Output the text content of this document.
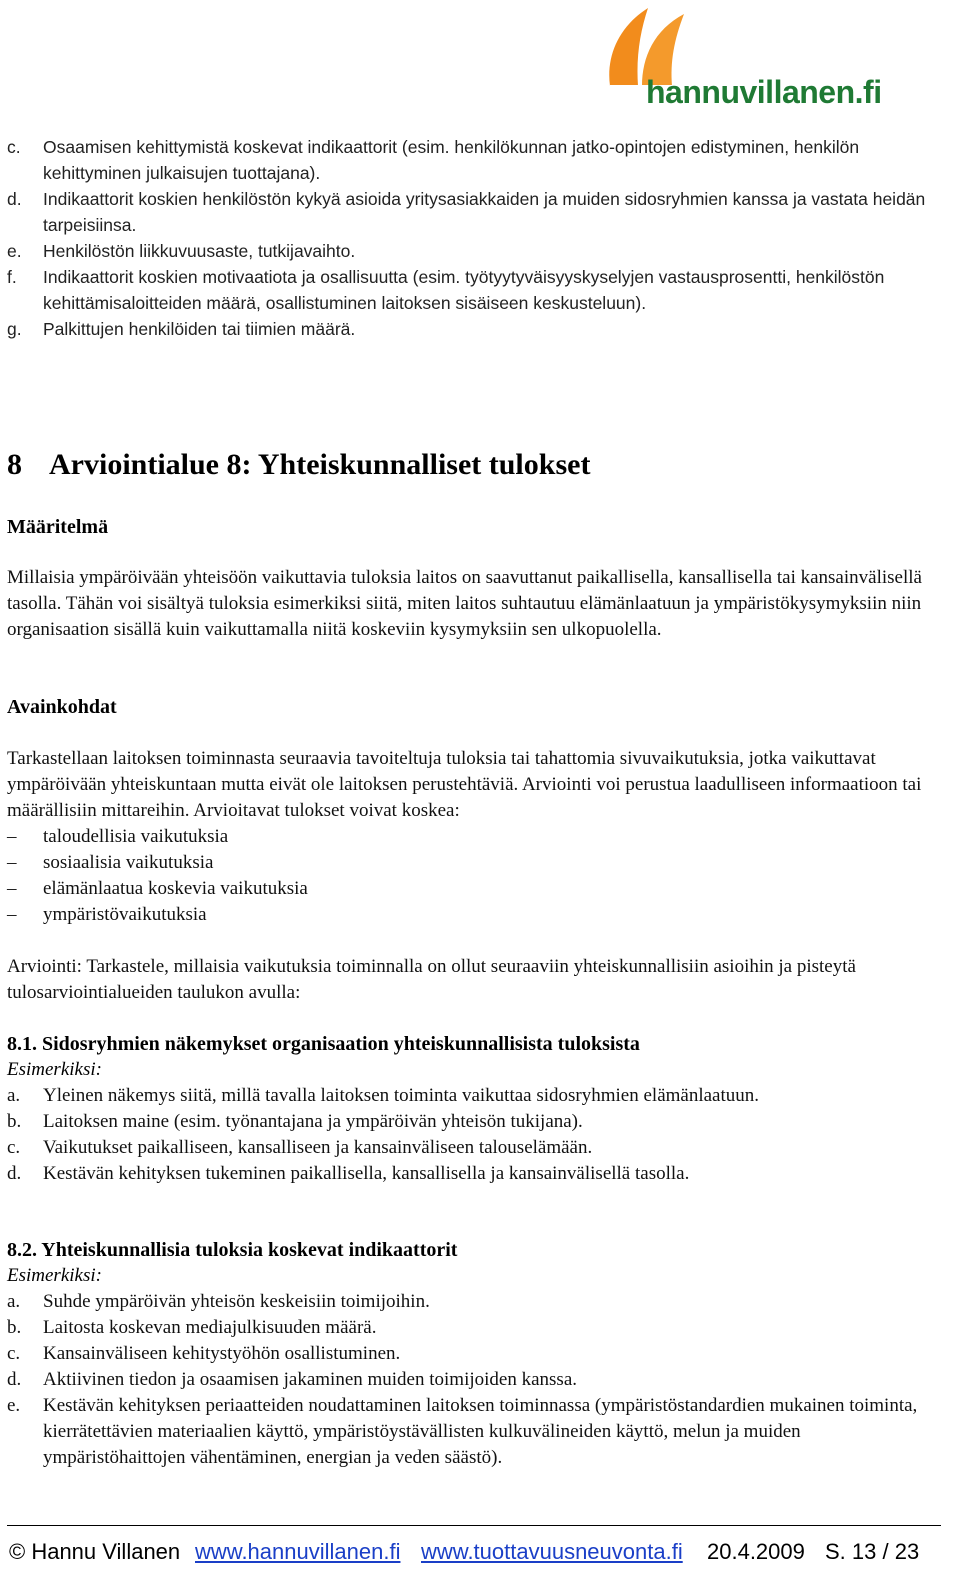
hannuvillanen.fi
c. Osaamisen kehittymistä koskevat indikaattorit (esim. henkilökunnan jatko-opintojen edistyminen, henkilön kehittyminen julkaisujen tuottajana).
d. Indikaattorit koskien henkilöstön kykyä asioida yritysasiakkaiden ja muiden sidosryhmien kanssa ja vastata heidän tarpeisiinsa.
e. Henkilöstön liikkuvuusaste, tutkijavaihto.
f. Indikaattorit koskien motivaatiota ja osallisuutta (esim. työtyytyväisyyskyselyjen vastausprosentti, henkilöstön kehittämisaloitteiden määrä, osallistuminen laitoksen sisäiseen keskusteluun).
g. Palkittujen henkilöiden tai tiimien määrä.
8 Arviointialue 8: Yhteiskunnalliset tulokset
Määritelmä

Millaisia ympäröivään yhteisöön vaikuttavia tuloksia laitos on saavuttanut paikallisella, kansallisella tai kansainvälisellä tasolla. Tähän voi sisältyä tuloksia esimerkiksi siitä, miten laitos suhtautuu elämänlaatuun ja ympäristökysymyksiin niin organisaation sisällä kuin vaikuttamalla niitä koskeviin kysymyksiin sen ulkopuolella.

Avainkohdat

Tarkastellaan laitoksen toiminnasta seuraavia tavoiteltuja tuloksia tai tahattomia sivuvaikutuksia, jotka vaikuttavat ympäröivään yhteiskuntaan mutta eivät ole laitoksen perustehtäviä. Arviointi voi perustua laadulliseen informaatioon tai määrällisiin mittareihin. Arvioitavat tulokset voivat koskea:

– taloudellisia vaikutuksia
– sosiaalisia vaikutuksia
– elämänlaatua koskevia vaikutuksia
– ympäristövaikutuksia

Arviointi: Tarkastele, millaisia vaikutuksia toiminnalla on ollut seuraaviin yhteiskunnallisiin asioihin ja pisteytä tulosarviointialueiden taulukon avulla:

8.1. Sidosryhmien näkemykset organisaation yhteiskunnallisista tuloksista

Esimerkiksi:

a. Yleinen näkemys siitä, millä tavalla laitoksen toiminta vaikuttaa sidosryhmien elämänlaatuun.
b. Laitoksen maine (esim. työnantajana ja ympäröivän yhteisön tukijana).
c. Vaikutukset paikalliseen, kansalliseen ja kansainväliseen talouselämään.
d. Kestävän kehityksen tukeminen paikallisella, kansallisella ja kansainvälisellä tasolla.
8.2. Yhteiskunnallisia tuloksia koskevat indikaattorit

Esimerkiksi:

a. Suhde ympäröivän yhteisön keskeisiin toimijoihin.
b. Laitosta koskevan mediajulkisuuden määrä.
c. Kansainväliseen kehitystyöhön osallistuminen.
d. Aktiivinen tiedon ja osaamisen jakaminen muiden toimijoiden kanssa.
e. Kestävän kehityksen periaatteiden noudattaminen laitoksen toiminnassa (ympäristöstandardien mukainen toiminta, kierrätettävien materiaalien käyttö, ympäristöystävällisten kulkuvälineiden käyttö, melun ja muiden ympäristöhaittojen vähentäminen, energian ja veden säästö).
© Hannu Villanen www.hannuvillanen.fi www.tuottavuusneuvonta.fi 20.4.2009 S. 13 / 23
